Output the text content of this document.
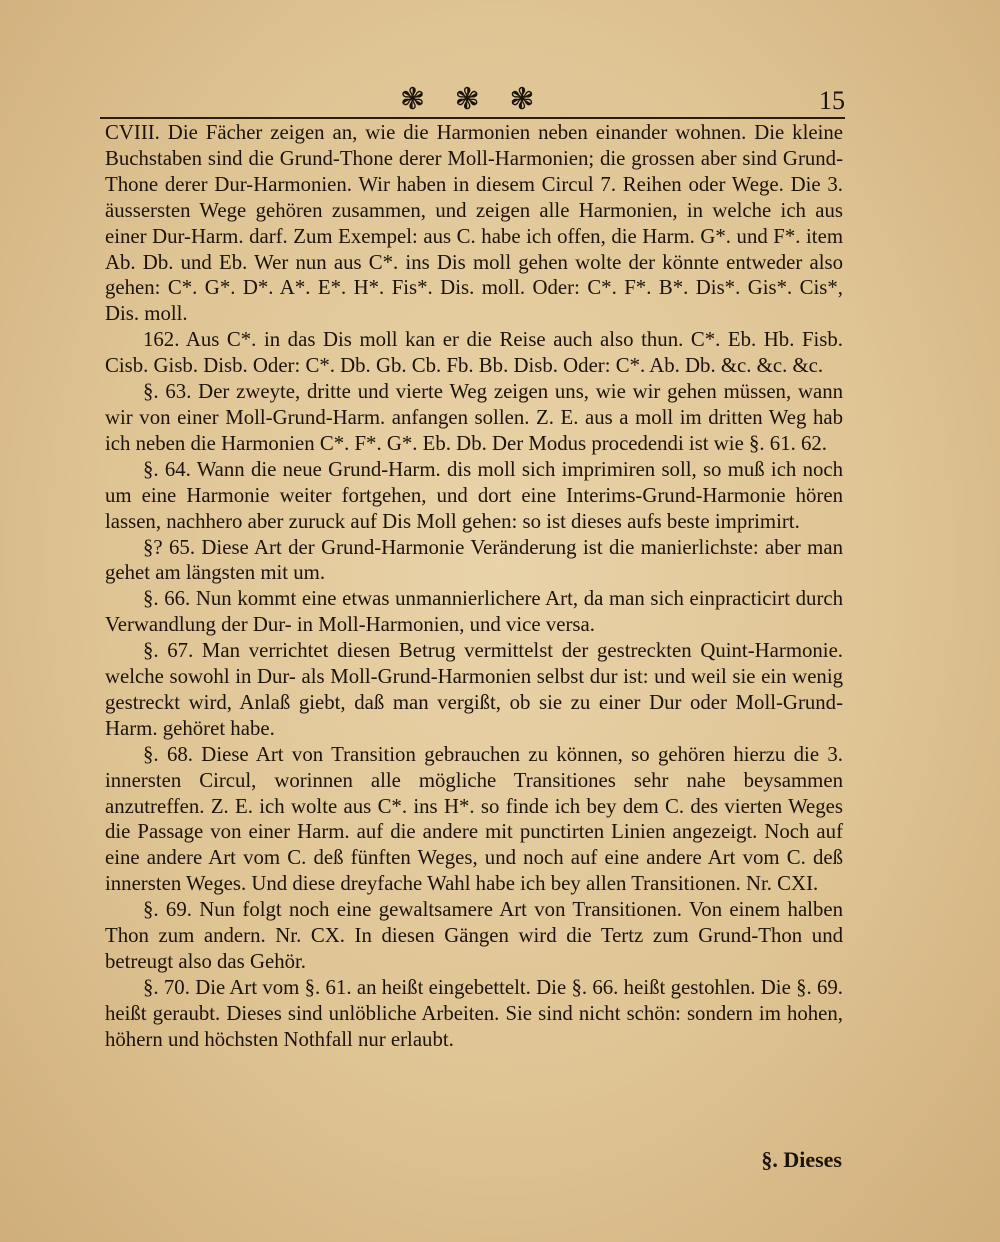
❃ ❃ ❃	15

CVIII. Die Fächer zeigen an, wie die Harmonien neben einander wohnen. Die kleine Buchstaben sind die Grund-Thone derer Moll-Harmonien; die grossen aber sind Grund-Thone derer Dur-Harmonien. Wir haben in diesem Circul 7. Reihen oder Wege. Die 3. äussersten Wege gehören zusammen, und zeigen alle Harmonien, in welche ich aus einer Dur-Harm. darf. Zum Exempel: aus C. habe ich offen, die Harm. G*. und F*. item Ab. Db. und Eb. Wer nun aus C*. ins Dis moll gehen wolte der könnte entweder also gehen: C*. G*. D*. A*. E*. H*. Fis*. Dis. moll. Oder: C*. F*. B*. Dis*. Gis*. Cis*, Dis. moll.

162. Aus C*. in das Dis moll kan er die Reise auch also thun. C*. Eb. Hb. Fisb. Cisb. Gisb. Disb. Oder: C*. Db. Gb. Cb. Fb. Bb. Disb. Oder: C*. Ab. Db. &c. &c. &c.

§. 63. Der zweyte, dritte und vierte Weg zeigen uns, wie wir gehen müssen, wann wir von einer Moll-Grund-Harm. anfangen sollen. Z. E. aus a moll im dritten Weg hab ich neben die Harmonien C*. F*. G*. Eb. Db. Der Modus procedendi ist wie §. 61. 62.

§. 64. Wann die neue Grund-Harm. dis moll sich imprimiren soll, so muß ich noch um eine Harmonie weiter fortgehen, und dort eine Interims-Grund-Harmonie hören lassen, nachhero aber zuruck auf Dis Moll gehen: so ist dieses aufs beste imprimirt.

§? 65. Diese Art der Grund-Harmonie Veränderung ist die manierlichste: aber man gehet am längsten mit um.

§. 66. Nun kommt eine etwas unmannierlichere Art, da man sich einpracticirt durch Verwandlung der Dur- in Moll-Harmonien, und vice versa.

§. 67. Man verrichtet diesen Betrug vermittelst der gestreckten Quint-Harmonie. welche sowohl in Dur- als Moll-Grund-Harmonien selbst dur ist: und weil sie ein wenig gestreckt wird, Anlaß giebt, daß man vergißt, ob sie zu einer Dur oder Moll-Grund-Harm. gehöret habe.

§. 68. Diese Art von Transition gebrauchen zu können, so gehören hierzu die 3. innersten Circul, worinnen alle mögliche Transitiones sehr nahe beysammen anzutreffen. Z. E. ich wolte aus C*. ins H*. so finde ich bey dem C. des vierten Weges die Passage von einer Harm. auf die andere mit punctirten Linien angezeigt. Noch auf eine andere Art vom C. deß fünften Weges, und noch auf eine andere Art vom C. deß innersten Weges. Und diese dreyfache Wahl habe ich bey allen Transitionen. Nr. CXI.

§. 69. Nun folgt noch eine gewaltsamere Art von Transitionen. Von einem halben Thon zum andern. Nr. CX. In diesen Gängen wird die Tertz zum Grund-Thon und betreugt also das Gehör.

§. 70. Die Art vom §. 61. an heißt eingebettelt. Die §. 66. heißt gestohlen. Die §. 69. heißt geraubt. Dieses sind unlöbliche Arbeiten. Sie sind nicht schön: sondern im hohen, höhern und höchsten Nothfall nur erlaubt.

§. Dieses
